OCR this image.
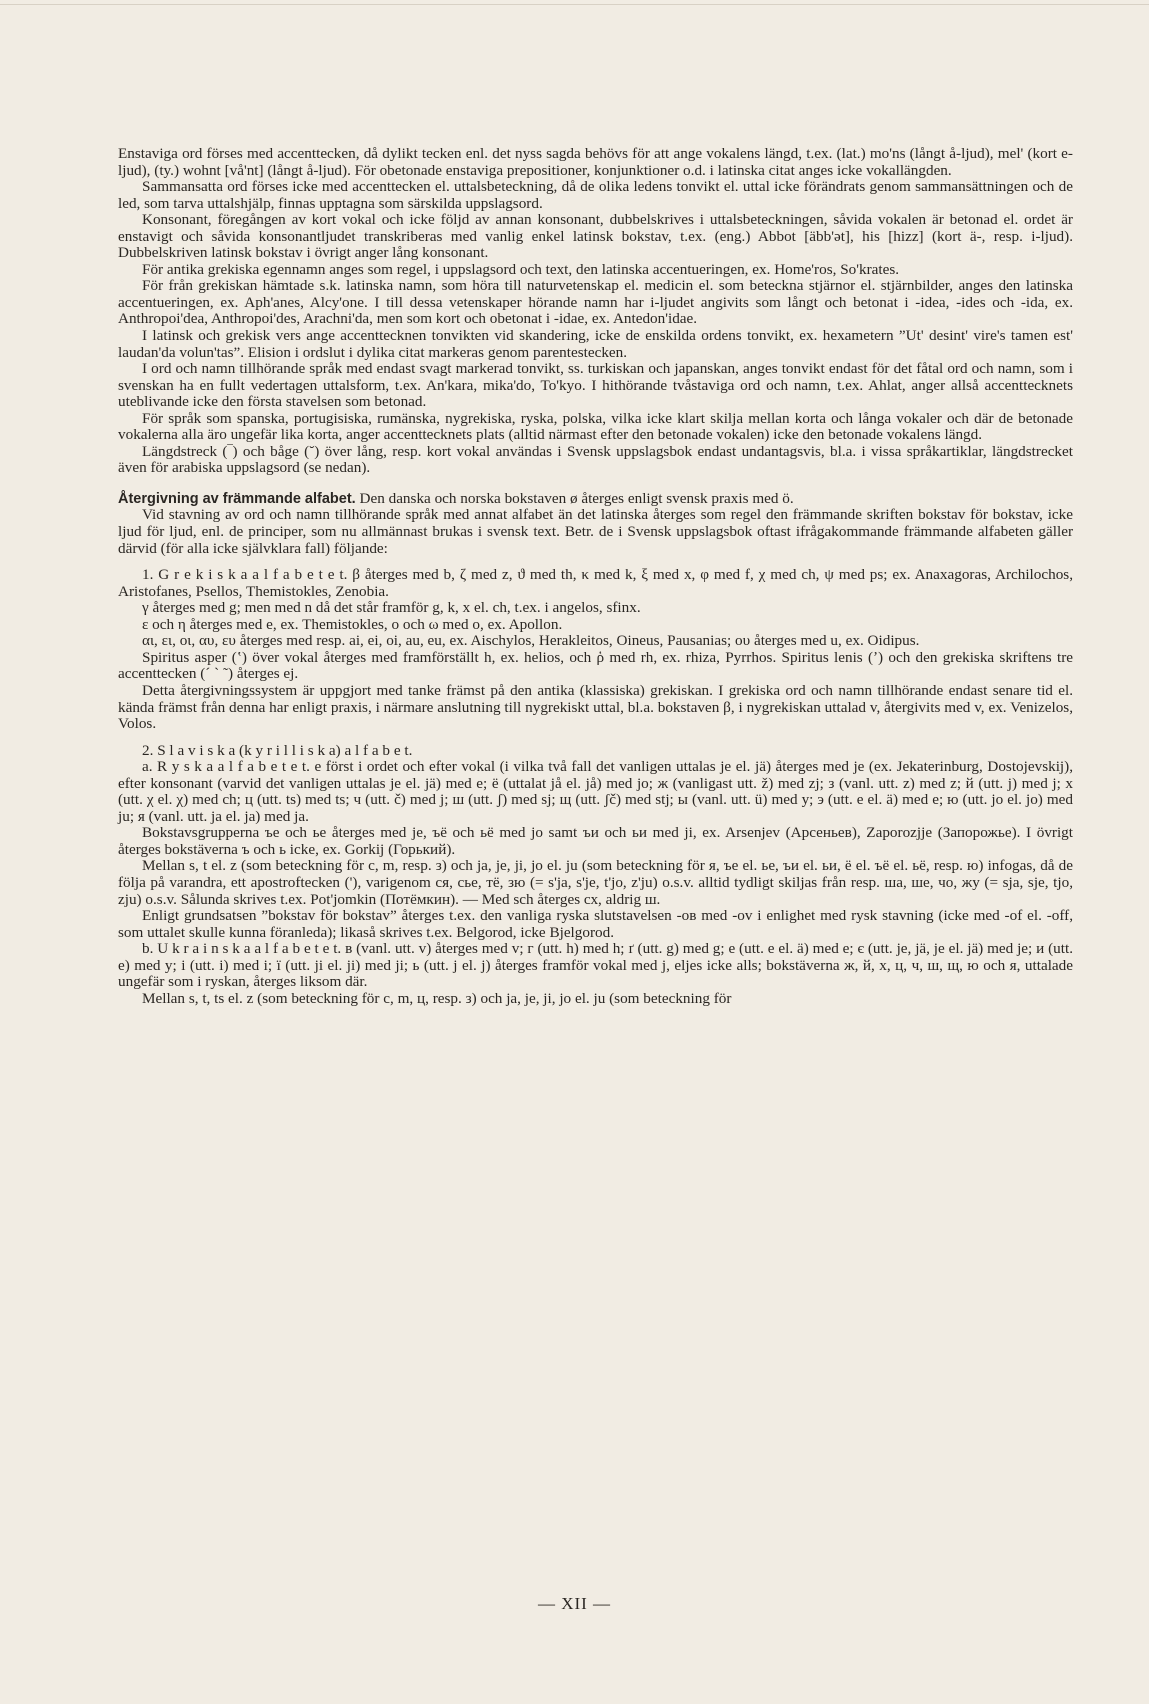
Enstaviga ord förses med accenttecken, då dylikt tecken enl. det nyss sagda behövs för att ange vokalens längd, t.ex. (lat.) mo'ns (långt å-ljud), mel' (kort e-ljud), (ty.) wohnt [vå'nt] (långt å-ljud). För obetonade enstaviga prepositioner, konjunktioner o.d. i latinska citat anges icke vokallängden.

Sammansatta ord förses icke med accenttecken el. uttalsbeteckning, då de olika ledens tonvikt el. uttal icke förändrats genom sammansättningen och de led, som tarva uttalshjälp, finnas upptagna som särskilda uppslagsord.

Konsonant, föregången av kort vokal och icke följd av annan konsonant, dubbelskrives i uttalsbeteckningen, såvida vokalen är betonad el. ordet är enstavigt och såvida konsonantljudet transkriberas med vanlig enkel latinsk bokstav, t.ex. (eng.) Abbot [äbb'ət], his [hizz] (kort ä-, resp. i-ljud). Dubbelskriven latinsk bokstav i övrigt anger lång konsonant.

För antika grekiska egennamn anges som regel, i uppslagsord och text, den latinska accentueringen, ex. Home'ros, So'krates.

För från grekiskan hämtade s.k. latinska namn, som höra till naturvetenskap el. medicin el. som beteckna stjärnor el. stjärnbilder, anges den latinska accentueringen, ex. Aph'anes, Alcy'one. I till dessa vetenskaper hörande namn har i-ljudet angivits som långt och betonat i -idea, -ides och -ida, ex. Anthropoi'dea, Anthropoi'des, Arachni'da, men som kort och obetonat i -idae, ex. Antedon'idae.

I latinsk och grekisk vers ange accenttecknen tonvikten vid skandering, icke de enskilda ordens tonvikt, ex. hexametern ”Ut' desint' vire's tamen est' laudan'da volun'tas”. Elision i ordslut i dylika citat markeras genom parentestecken.

I ord och namn tillhörande språk med endast svagt markerad tonvikt, ss. turkiskan och japanskan, anges tonvikt endast för det fåtal ord och namn, som i svenskan ha en fullt vedertagen uttalsform, t.ex. An'kara, mika'do, To'kyo. I hithörande tvåstaviga ord och namn, t.ex. Ahlat, anger allså accenttecknets uteblivande icke den första stavelsen som betonad.

För språk som spanska, portugisiska, rumänska, nygrekiska, ryska, polska, vilka icke klart skilja mellan korta och långa vokaler och där de betonade vokalerna alla äro ungefär lika korta, anger accenttecknets plats (alltid närmast efter den betonade vokalen) icke den betonade vokalens längd.

Längdstreck (‾) och båge (˘) över lång, resp. kort vokal användas i Svensk uppslagsbok endast undantagsvis, bl.a. i vissa språkartiklar, längdstrecket även för arabiska uppslagsord (se nedan).

Återgivning av främmande alfabet. Den danska och norska bokstaven ø återges enligt svensk praxis med ö.

Vid stavning av ord och namn tillhörande språk med annat alfabet än det latinska återges som regel den främmande skriften bokstav för bokstav, icke ljud för ljud, enl. de principer, som nu allmännast brukas i svensk text. Betr. de i Svensk uppslagsbok oftast ifrågakommande främmande alfabeten gäller därvid (för alla icke självklara fall) följande:

1. G r e k i s k a a l f a b e t e t. β återges med b, ζ med z, ϑ med th, κ med k, ξ med x, φ med f, χ med ch, ψ med ps; ex. Anaxagoras, Archilochos, Aristofanes, Psellos, Themistokles, Zenobia.

γ återges med g; men med n då det står framför g, k, x el. ch, t.ex. i angelos, sfinx.

ε och η återges med e, ex. Themistokles, ο och ω med o, ex. Apollon.

αι, ει, οι, αυ, ευ återges med resp. ai, ei, oi, au, eu, ex. Aischylos, Herakleitos, Oineus, Pausanias; ου återges med u, ex. Oidipus.

Spiritus asper (ʽ) över vokal återges med framförställt h, ex. helios, och ῥ med rh, ex. rhiza, Pyrrhos. Spiritus lenis (ʼ) och den grekiska skriftens tre accenttecken (ˊ ˋ ˜) återges ej.

Detta återgivningssystem är uppgjort med tanke främst på den antika (klassiska) grekiskan. I grekiska ord och namn tillhörande endast senare tid el. kända främst från denna har enligt praxis, i närmare anslutning till nygrekiskt uttal, bl.a. bokstaven β, i nygrekiskan uttalad v, återgivits med v, ex. Venizelos, Volos.

2. S l a v i s k a (k y r i l l i s k a) a l f a b e t.

a. R y s k a a l f a b e t e t. e först i ordet och efter vokal (i vilka två fall det vanligen uttalas je el. jä) återges med je (ex. Jekaterinburg, Dostojevskij), efter konsonant (varvid det vanligen uttalas je el. jä) med e; ë (uttalat jå el. jå) med jo; ж (vanligast utt. ž) med zj; з (vanl. utt. z) med z; й (utt. j) med j; х (utt. χ el. χ) med ch; ц (utt. ts) med ts; ч (utt. č) med j; ш (utt. ʃ) med sj; щ (utt. ʃč) med stj; ы (vanl. utt. ü) med y; э (utt. e el. ä) med e; ю (utt. jo el. jo) med ju; я (vanl. utt. ja el. ja) med ja.

Bokstavsgrupperna ъе och ье återges med je, ъё och ьё med jo samt ъи och ьи med ji, ex. Arsenjev (Арсеньев), Zaporozjje (Запорожье). I övrigt återges bokstäverna ъ och ь icke, ex. Gorkij (Горький).

Mellan s, t el. z (som beteckning för c, m, resp. з) och ja, je, ji, jo el. ju (som beteckning för я, ъе el. ье, ъи el. ьи, ë el. ъё el. ьё, resp. ю) infogas, då de följa på varandra, ett apostroftecken ('), varigenom ся, сье, тё, зю (= s'ja, s'je, t'jo, z'ju) o.s.v. alltid tydligt skiljas från resp. ша, ше, чо, жу (= sja, sje, tjo, zju) o.s.v. Sålunda skrives t.ex. Pot'jomkin (Потёмкин). — Med sch återges сх, aldrig ш.

Enligt grundsatsen ”bokstav för bokstav” återges t.ex. den vanliga ryska slutstavelsen -ов med -ov i enlighet med rysk stavning (icke med -of el. -off, som uttalet skulle kunna föranleda); likaså skrives t.ex. Belgorod, icke Bjelgorod.

b. U k r a i n s k a a l f a b e t e t. в (vanl. utt. v) återges med v; г (utt. h) med h; ґ (utt. g) med g; e (utt. e el. ä) med e; є (utt. je, jä, je el. jä) med je; и (utt. e) med y; і (utt. i) med i; ї (utt. ji el. ji) med ji; ь (utt. j el. j) återges framför vokal med j, eljes icke alls; bokstäverna ж, й, х, ц, ч, ш, щ, ю och я, uttalade ungefär som i ryskan, återges liksom där.

Mellan s, t, ts el. z (som beteckning för c, m, ц, resp. з) och ja, je, ji, jo el. ju (som beteckning för

— XII —
